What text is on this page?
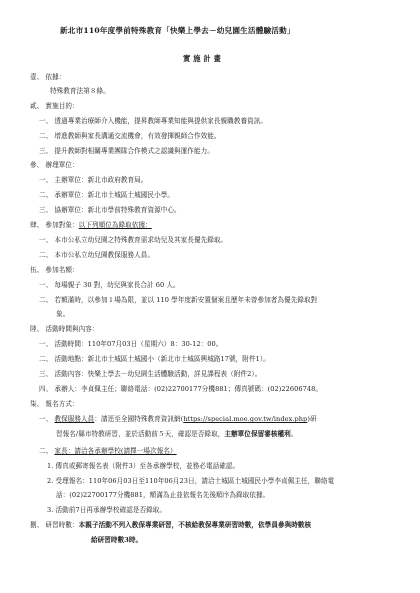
新北市110年度學前特殊教育「快樂上學去－幼兒園生活體驗活動」
實施計畫
壹、 依據：
特殊教育法第８條。
貳、 實施目的：
一、 透過專業治療師介入機能，提昇教師專業知能與提供家長親職教養資訊。
二、 增進教師與家長溝通交流機會，有效發揮親師合作效能。
三、 提升教師對相關專業團隊合作模式之認識與運作能力。
參、 辦理單位：
一、 主辦單位：新北市政府教育局。
二、 承辦單位：新北市土城區土城國民小學。
三、 協辦單位：新北市學前特殊教育資源中心。
肆、 參加對象：以下列順位為錄取依據：
一、 本市公私立幼兒園之特殊教育需求幼兒及其家長優先錄取。
二、 本市公私立幼兒園教保服務人員。
伍、 參加名額：
一、 每場親子 30 對，幼兒與家長合計 60 人。
二、 若額滿時，以參加１場為限，並以 110 學年度新安置個案且歷年未曾參加者為優先錄取對
象。
陸、 活動時間與內容：
一、 活動時間：110年07月03日（星期六）8：30-12：00。
二、 活動地點：新北市土城區土城國小（新北市土城區興城路17號，附件1）。
三、 活動內容：快樂上學去－幼兒園生活體驗活動，詳見課程表（附件2）。
四、 承辦人：李貞佩主任；聯絡電話：(02)22700177分機881；傳真號碼：(02)22606748。
柒、 報名方式：
一、 教保服務人員：請逕至全國特殊教育資訊網(https://special.moe.gov.tw/index.php)研
習報名/縣市特教研習，並於活動前５天，確認是否錄取，主辦單位保留審核權利。
二、 家長：請洽各承辦學校(請擇一場次報名）
1. 傳真或郵寄報名表（附件3）至各承辦學校，並務必電話確認。
2. 受理報名：110年06月03日至110年06月23日，請洽土城區土城國民小學李貞佩主任，聯絡電
話：(02)22700177分機881，額滿為止並依報名先後順序為錄取依據。
3. 活動前7日再承辦學校確認是否錄取。
捌、 研習時數：本親子活動不列入教保專業研習，不核給教保專業研習時數，依學員參與時數核
給研習時數3時。
